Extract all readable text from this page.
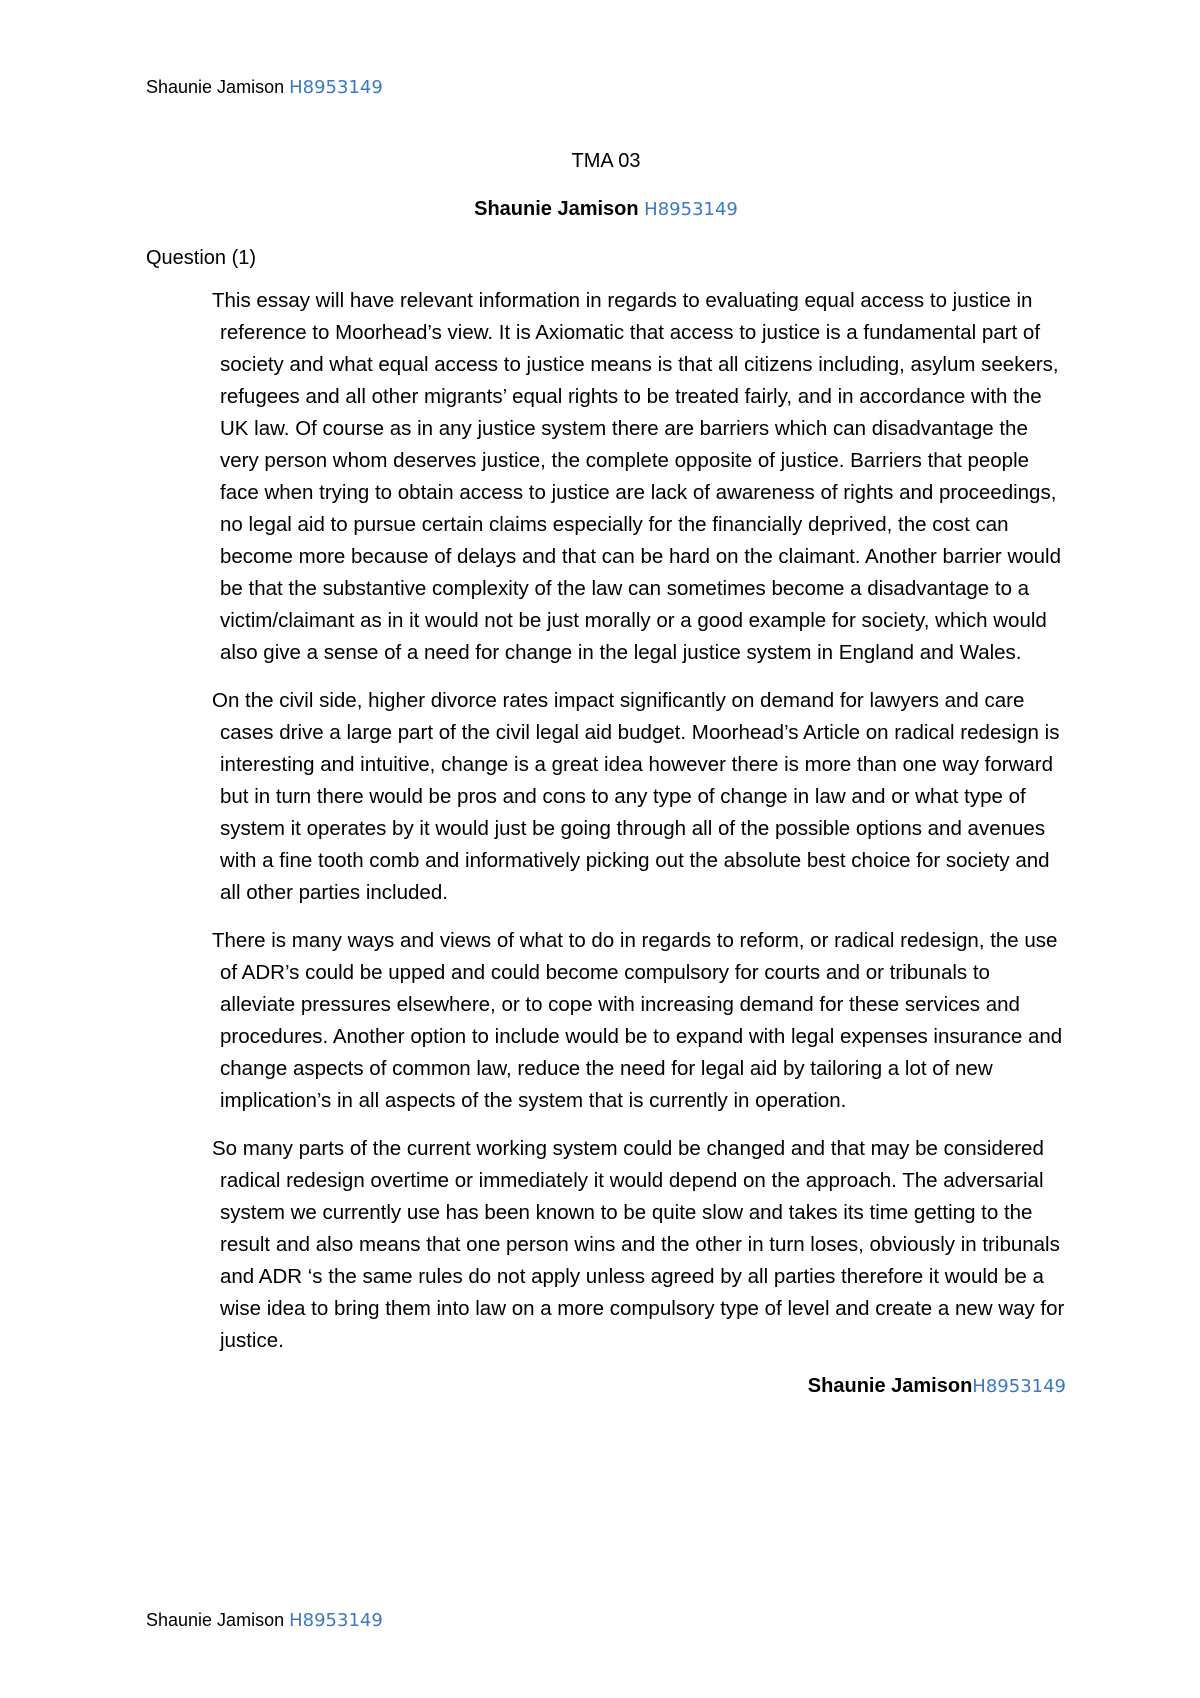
Shaunie Jamison H8953149
TMA 03
Shaunie Jamison H8953149
Question (1)

This essay will have relevant information in regards to evaluating equal access to justice in reference to Moorhead’s view. It is Axiomatic that access to justice is a fundamental part of society and what equal access to justice means is that all citizens including, asylum seekers, refugees and all other migrants’ equal rights to be treated fairly, and in accordance with the UK law. Of course as in any justice system there are barriers which can disadvantage the very person whom deserves justice, the complete opposite of justice. Barriers that people face when trying to obtain access to justice are lack of awareness of rights and proceedings, no legal aid to pursue certain claims especially for the financially deprived, the cost can become more because of delays and that can be hard on the claimant. Another barrier would be that the substantive complexity of the law can sometimes become a disadvantage to a victim/claimant as in it would not be just morally or a good example for society, which would also give a sense of a need for change in the legal justice system in England and Wales.

On the civil side, higher divorce rates impact significantly on demand for lawyers and care cases drive a large part of the civil legal aid budget. Moorhead’s Article on radical redesign is interesting and intuitive, change is a great idea however there is more than one way forward but in turn there would be pros and cons to any type of change in law and or what type of system it operates by it would just be going through all of the possible options and avenues with a fine tooth comb and informatively picking out the absolute best choice for society and all other parties included.

There is many ways and views of what to do in regards to reform, or radical redesign, the use of ADR’s could be upped and could become compulsory for courts and or tribunals to alleviate pressures elsewhere, or to cope with increasing demand for these services and procedures. Another option to include would be to expand with legal expenses insurance and change aspects of common law, reduce the need for legal aid by tailoring a lot of new implication’s in all aspects of the system that is currently in operation.

So many parts of the current working system could be changed and that may be considered radical redesign overtime or immediately it would depend on the approach. The adversarial system we currently use has been known to be quite slow and takes its time getting to the result and also means that one person wins and the other in turn loses, obviously in tribunals and ADR ‘s the same rules do not apply unless agreed by all parties therefore it would be a wise idea to bring them into law on a more compulsory type of level and create a new way for justice.

Shaunie JamisonH8953149
Shaunie Jamison H8953149
